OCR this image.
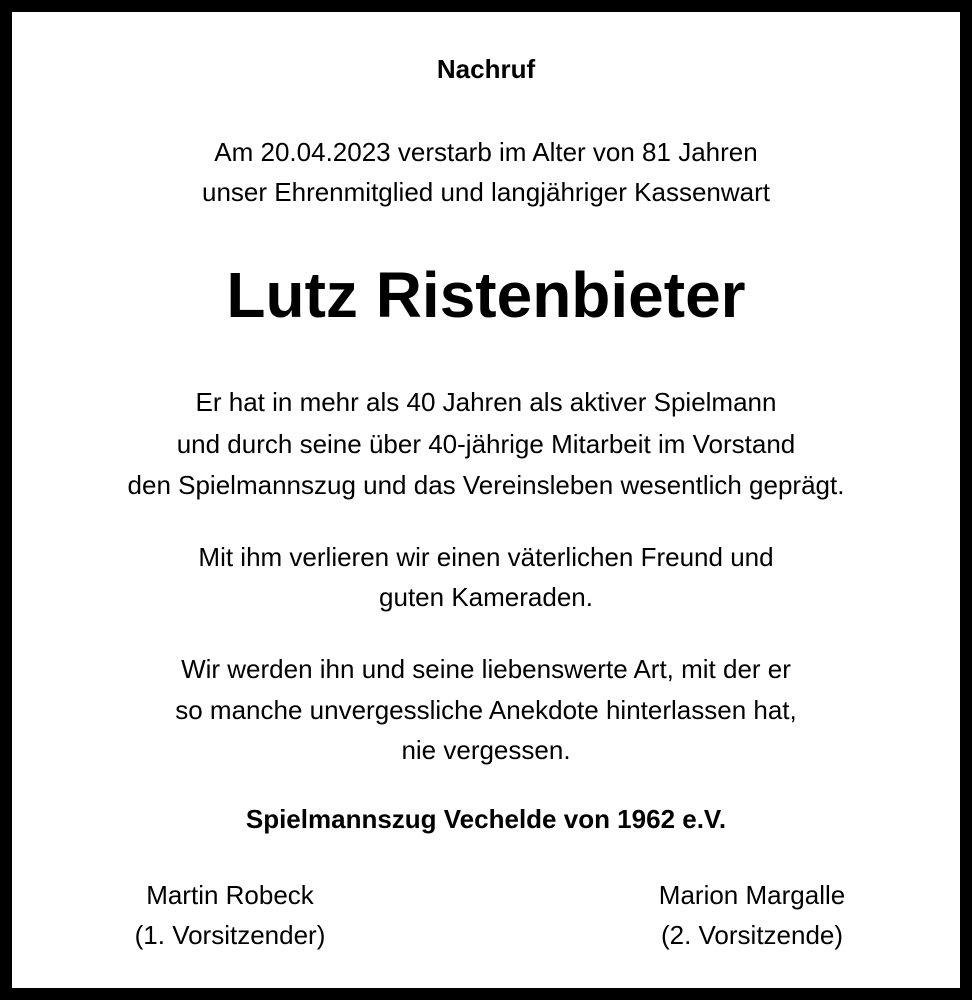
Nachruf
Am 20.04.2023 verstarb im Alter von 81 Jahren
unser Ehrenmitglied und langjähriger Kassenwart
Lutz Ristenbieter
Er hat in mehr als 40 Jahren als aktiver Spielmann
und durch seine über 40-jährige Mitarbeit im Vorstand
den Spielmannszug und das Vereinsleben wesentlich geprägt.
Mit ihm verlieren wir einen väterlichen Freund und
guten Kameraden.
Wir werden ihn und seine liebenswerte Art, mit der er
so manche unvergessliche Anekdote hinterlassen hat,
nie vergessen.
Spielmannszug Vechelde von 1962 e.V.
Martin Robeck
(1. Vorsitzender)
Marion Margalle
(2. Vorsitzende)
